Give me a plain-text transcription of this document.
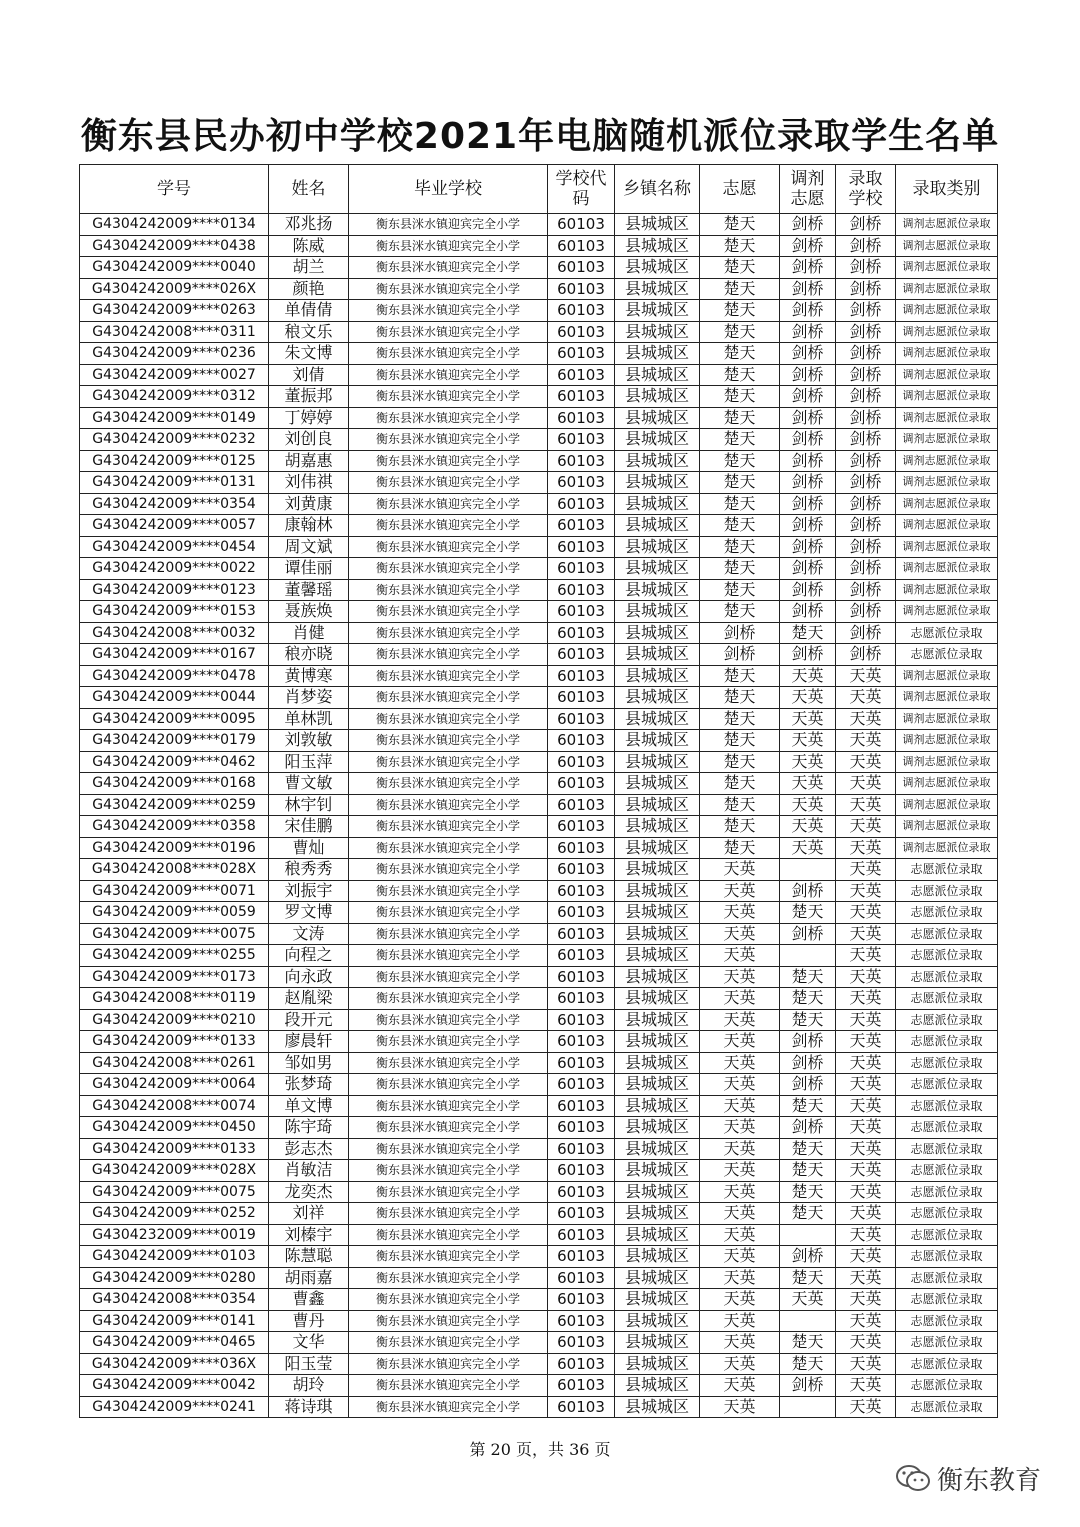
衡东县民办初中学校2021年电脑随机派位录取学生名单
学号	姓名	毕业学校	学校代码	乡镇名称	志愿	调剂志愿	录取学校	录取类别
G4304242009****0134	邓兆扬	衡东县洣水镇迎宾完全小学	60103	县城城区	楚天	剑桥	剑桥	调剂志愿派位录取
G4304242009****0438	陈威	衡东县洣水镇迎宾完全小学	60103	县城城区	楚天	剑桥	剑桥	调剂志愿派位录取
G4304242009****0040	胡兰	衡东县洣水镇迎宾完全小学	60103	县城城区	楚天	剑桥	剑桥	调剂志愿派位录取
G4304242009****026X	颜艳	衡东县洣水镇迎宾完全小学	60103	县城城区	楚天	剑桥	剑桥	调剂志愿派位录取
G4304242009****0263	单倩倩	衡东县洣水镇迎宾完全小学	60103	县城城区	楚天	剑桥	剑桥	调剂志愿派位录取
G4304242008****0311	稂文乐	衡东县洣水镇迎宾完全小学	60103	县城城区	楚天	剑桥	剑桥	调剂志愿派位录取
G4304242009****0236	朱文博	衡东县洣水镇迎宾完全小学	60103	县城城区	楚天	剑桥	剑桥	调剂志愿派位录取
G4304242009****0027	刘倩	衡东县洣水镇迎宾完全小学	60103	县城城区	楚天	剑桥	剑桥	调剂志愿派位录取
G4304242009****0312	董振邦	衡东县洣水镇迎宾完全小学	60103	县城城区	楚天	剑桥	剑桥	调剂志愿派位录取
G4304242009****0149	丁婷婷	衡东县洣水镇迎宾完全小学	60103	县城城区	楚天	剑桥	剑桥	调剂志愿派位录取
G4304242009****0232	刘创良	衡东县洣水镇迎宾完全小学	60103	县城城区	楚天	剑桥	剑桥	调剂志愿派位录取
G4304242009****0125	胡嘉惠	衡东县洣水镇迎宾完全小学	60103	县城城区	楚天	剑桥	剑桥	调剂志愿派位录取
G4304242009****0131	刘伟祺	衡东县洣水镇迎宾完全小学	60103	县城城区	楚天	剑桥	剑桥	调剂志愿派位录取
G4304242009****0354	刘黄康	衡东县洣水镇迎宾完全小学	60103	县城城区	楚天	剑桥	剑桥	调剂志愿派位录取
G4304242009****0057	康翰林	衡东县洣水镇迎宾完全小学	60103	县城城区	楚天	剑桥	剑桥	调剂志愿派位录取
G4304242009****0454	周文斌	衡东县洣水镇迎宾完全小学	60103	县城城区	楚天	剑桥	剑桥	调剂志愿派位录取
G4304242009****0022	谭佳丽	衡东县洣水镇迎宾完全小学	60103	县城城区	楚天	剑桥	剑桥	调剂志愿派位录取
G4304242009****0123	董馨瑶	衡东县洣水镇迎宾完全小学	60103	县城城区	楚天	剑桥	剑桥	调剂志愿派位录取
G4304242009****0153	聂族焕	衡东县洣水镇迎宾完全小学	60103	县城城区	楚天	剑桥	剑桥	调剂志愿派位录取
G4304242008****0032	肖健	衡东县洣水镇迎宾完全小学	60103	县城城区	剑桥	楚天	剑桥	志愿派位录取
G4304242009****0167	稂亦晓	衡东县洣水镇迎宾完全小学	60103	县城城区	剑桥	剑桥	剑桥	志愿派位录取
G4304242009****0478	黄博寒	衡东县洣水镇迎宾完全小学	60103	县城城区	楚天	天英	天英	调剂志愿派位录取
G4304242009****0044	肖梦姿	衡东县洣水镇迎宾完全小学	60103	县城城区	楚天	天英	天英	调剂志愿派位录取
G4304242009****0095	单林凯	衡东县洣水镇迎宾完全小学	60103	县城城区	楚天	天英	天英	调剂志愿派位录取
G4304242009****0179	刘敦敏	衡东县洣水镇迎宾完全小学	60103	县城城区	楚天	天英	天英	调剂志愿派位录取
G4304242009****0462	阳玉萍	衡东县洣水镇迎宾完全小学	60103	县城城区	楚天	天英	天英	调剂志愿派位录取
G4304242009****0168	曹文敏	衡东县洣水镇迎宾完全小学	60103	县城城区	楚天	天英	天英	调剂志愿派位录取
G4304242009****0259	林宇钊	衡东县洣水镇迎宾完全小学	60103	县城城区	楚天	天英	天英	调剂志愿派位录取
G4304242009****0358	宋佳鹏	衡东县洣水镇迎宾完全小学	60103	县城城区	楚天	天英	天英	调剂志愿派位录取
G4304242009****0196	曹灿	衡东县洣水镇迎宾完全小学	60103	县城城区	楚天	天英	天英	调剂志愿派位录取
G4304242008****028X	稂秀秀	衡东县洣水镇迎宾完全小学	60103	县城城区	天英		天英	志愿派位录取
G4304242009****0071	刘振宇	衡东县洣水镇迎宾完全小学	60103	县城城区	天英	剑桥	天英	志愿派位录取
G4304242009****0059	罗文博	衡东县洣水镇迎宾完全小学	60103	县城城区	天英	楚天	天英	志愿派位录取
G4304242009****0075	文涛	衡东县洣水镇迎宾完全小学	60103	县城城区	天英	剑桥	天英	志愿派位录取
G4304242009****0255	向程之	衡东县洣水镇迎宾完全小学	60103	县城城区	天英		天英	志愿派位录取
G4304242009****0173	向永政	衡东县洣水镇迎宾完全小学	60103	县城城区	天英	楚天	天英	志愿派位录取
G4304242008****0119	赵胤梁	衡东县洣水镇迎宾完全小学	60103	县城城区	天英	楚天	天英	志愿派位录取
G4304242009****0210	段开元	衡东县洣水镇迎宾完全小学	60103	县城城区	天英	楚天	天英	志愿派位录取
G4304242009****0133	廖晨轩	衡东县洣水镇迎宾完全小学	60103	县城城区	天英	剑桥	天英	志愿派位录取
G4304242008****0261	邹如男	衡东县洣水镇迎宾完全小学	60103	县城城区	天英	剑桥	天英	志愿派位录取
G4304242009****0064	张梦琦	衡东县洣水镇迎宾完全小学	60103	县城城区	天英	剑桥	天英	志愿派位录取
G4304242008****0074	单文博	衡东县洣水镇迎宾完全小学	60103	县城城区	天英	楚天	天英	志愿派位录取
G4304242009****0450	陈宇琦	衡东县洣水镇迎宾完全小学	60103	县城城区	天英	剑桥	天英	志愿派位录取
G4304242009****0133	彭志杰	衡东县洣水镇迎宾完全小学	60103	县城城区	天英	楚天	天英	志愿派位录取
G4304242009****028X	肖敏洁	衡东县洣水镇迎宾完全小学	60103	县城城区	天英	楚天	天英	志愿派位录取
G4304242009****0075	龙奕杰	衡东县洣水镇迎宾完全小学	60103	县城城区	天英	楚天	天英	志愿派位录取
G4304242009****0252	刘祥	衡东县洣水镇迎宾完全小学	60103	县城城区	天英	楚天	天英	志愿派位录取
G4304232009****0019	刘榛宇	衡东县洣水镇迎宾完全小学	60103	县城城区	天英		天英	志愿派位录取
G4304242009****0103	陈慧聪	衡东县洣水镇迎宾完全小学	60103	县城城区	天英	剑桥	天英	志愿派位录取
G4304242009****0280	胡雨嘉	衡东县洣水镇迎宾完全小学	60103	县城城区	天英	楚天	天英	志愿派位录取
G4304242008****0354	曹鑫	衡东县洣水镇迎宾完全小学	60103	县城城区	天英	天英	天英	志愿派位录取
G4304242009****0141	曹丹	衡东县洣水镇迎宾完全小学	60103	县城城区	天英		天英	志愿派位录取
G4304242009****0465	文华	衡东县洣水镇迎宾完全小学	60103	县城城区	天英	楚天	天英	志愿派位录取
G4304242009****036X	阳玉莹	衡东县洣水镇迎宾完全小学	60103	县城城区	天英	楚天	天英	志愿派位录取
G4304242009****0042	胡玲	衡东县洣水镇迎宾完全小学	60103	县城城区	天英	剑桥	天英	志愿派位录取
G4304242009****0241	蒋诗琪	衡东县洣水镇迎宾完全小学	60103	县城城区	天英		天英	志愿派位录取
第 20 页，共 36 页
衡东教育
